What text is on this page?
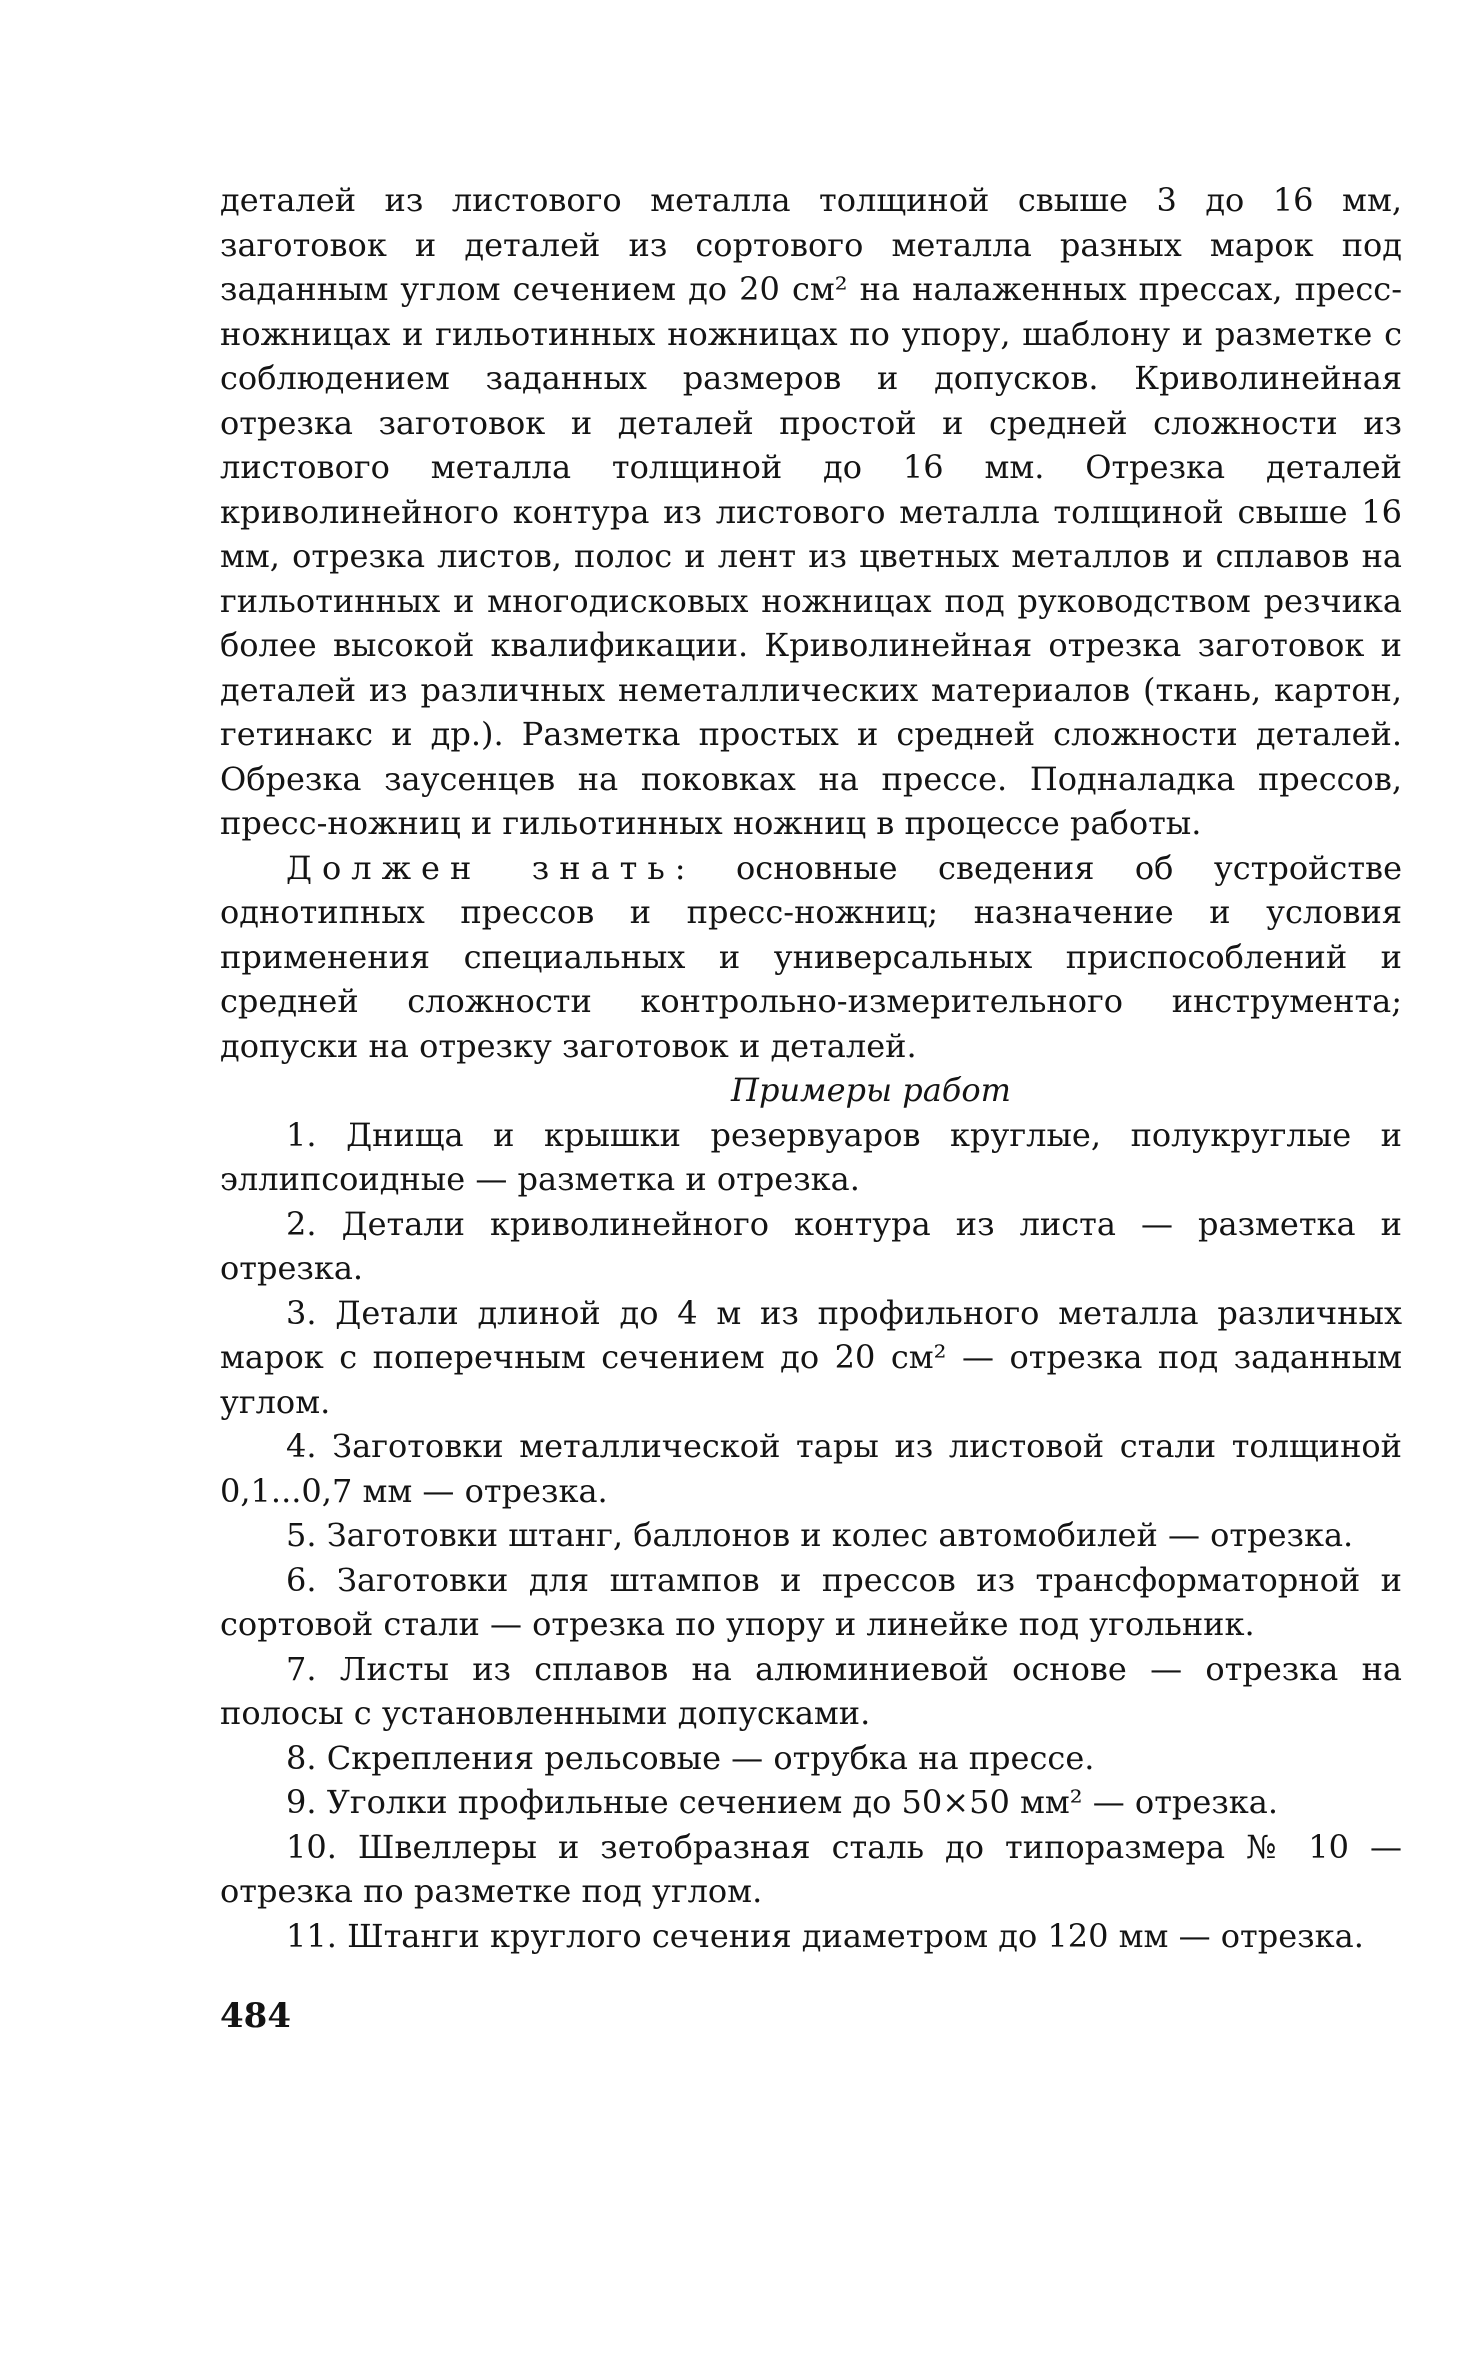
деталей из листового металла толщиной свыше 3 до 16 мм, заготовок и деталей из сортового металла разных марок под заданным углом сечением до 20 см² на налаженных прессах, пресс-ножницах и гильотинных ножницах по упору, шаблону и разметке с соблюдением заданных размеров и допусков. Криволинейная отрезка заготовок и деталей простой и средней сложности из листового металла толщиной до 16 мм. Отрезка деталей криволинейного контура из листового металла толщиной свыше 16 мм, отрезка листов, полос и лент из цветных металлов и сплавов на гильотинных и многодисковых ножницах под руководством резчика более высокой квалификации. Криволинейная отрезка заготовок и деталей из различных неметаллических материалов (ткань, картон, гетинакс и др.). Разметка простых и средней сложности деталей. Обрезка заусенцев на поковках на прессе. Подналадка прессов, пресс-ножниц и гильотинных ножниц в процессе работы.

Должен знать: основные сведения об устройстве однотипных прессов и пресс-ножниц; назначение и условия применения специальных и универсальных приспособлений и средней сложности контрольно-измерительного инструмента; допуски на отрезку заготовок и деталей.

Примеры работ

1. Днища и крышки резервуаров круглые, полукруглые и эллипсоидные — разметка и отрезка.

2. Детали криволинейного контура из листа — разметка и отрезка.

3. Детали длиной до 4 м из профильного металла различных марок с поперечным сечением до 20 см² — отрезка под заданным углом.

4. Заготовки металлической тары из листовой стали толщиной 0,1...0,7 мм — отрезка.

5. Заготовки штанг, баллонов и колес автомобилей — отрезка.

6. Заготовки для штампов и прессов из трансформаторной и сортовой стали — отрезка по упору и линейке под угольник.

7. Листы из сплавов на алюминиевой основе — отрезка на полосы с установленными допусками.

8. Скрепления рельсовые — отрубка на прессе.

9. Уголки профильные сечением до 50×50 мм² — отрезка.

10. Швеллеры и зетобразная сталь до типоразмера № 10 — отрезка по разметке под углом.

11. Штанги круглого сечения диаметром до 120 мм — отрезка.

484
